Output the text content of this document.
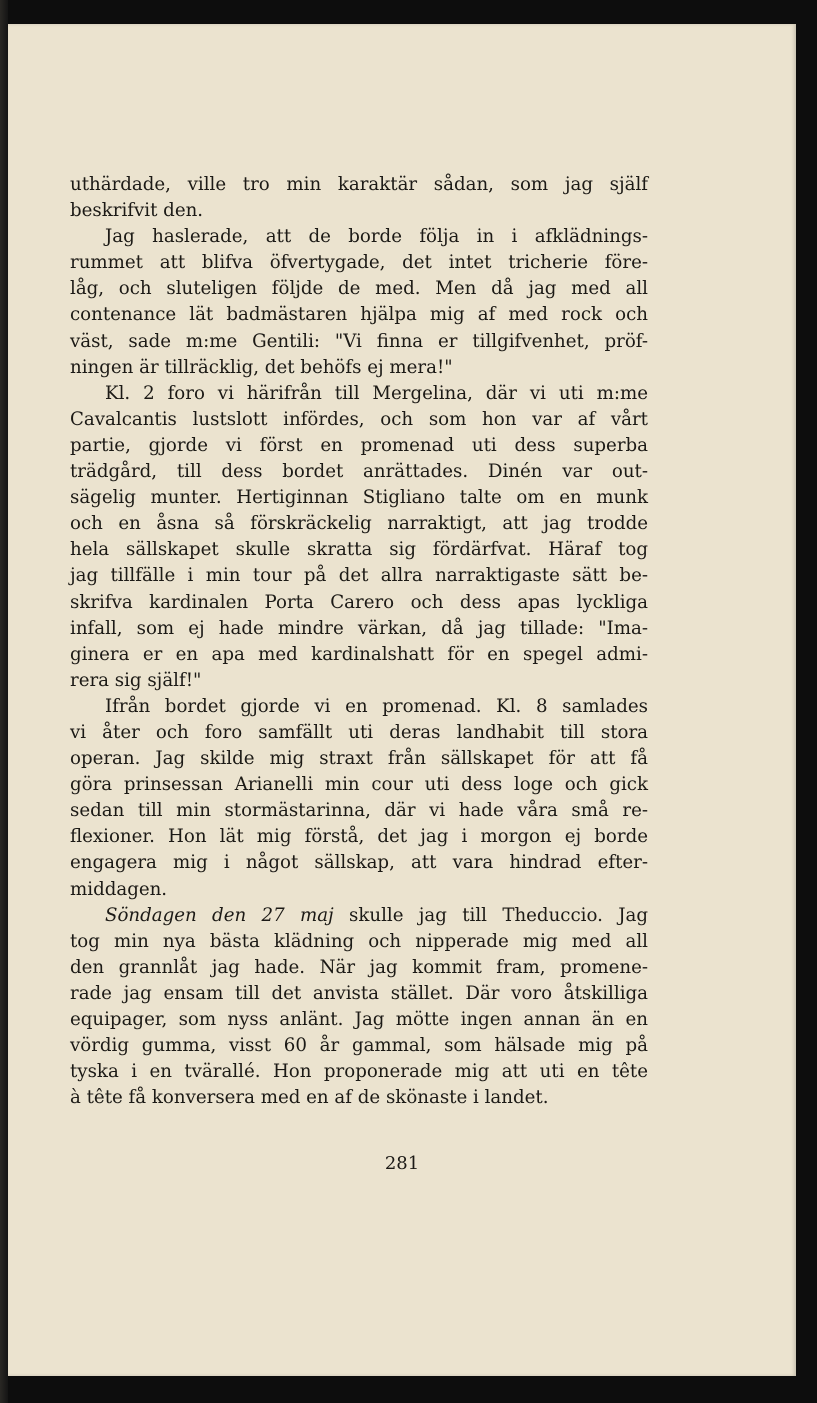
uthärdade, ville tro min karaktär sådan, som jag själf
beskrifvit den.
Jag haslerade, att de borde följa in i afklädnings-
rummet att blifva öfvertygade, det intet tricherie före-
låg, och sluteligen följde de med. Men då jag med all
contenance lät badmästaren hjälpa mig af med rock och
väst, sade m:me Gentili: "Vi finna er tillgifvenhet, pröf-
ningen är tillräcklig, det behöfs ej mera!"
Kl. 2 foro vi härifrån till Mergelina, där vi uti m:me
Cavalcantis lustslott infördes, och som hon var af vårt
partie, gjorde vi först en promenad uti dess superba
trädgård, till dess bordet anrättades. Dinén var out-
sägelig munter. Hertiginnan Stigliano talte om en munk
och en åsna så förskräckelig narraktigt, att jag trodde
hela sällskapet skulle skratta sig fördärfvat. Häraf tog
jag tillfälle i min tour på det allra narraktigaste sätt be-
skrifva kardinalen Porta Carero och dess apas lyckliga
infall, som ej hade mindre värkan, då jag tillade: "Ima-
ginera er en apa med kardinalshatt för en spegel admi-
rera sig själf!"
Ifrån bordet gjorde vi en promenad. Kl. 8 samlades
vi åter och foro samfällt uti deras landhabit till stora
operan. Jag skilde mig straxt från sällskapet för att få
göra prinsessan Arianelli min cour uti dess loge och gick
sedan till min stormästarinna, där vi hade våra små re-
flexioner. Hon lät mig förstå, det jag i morgon ej borde
engagera mig i något sällskap, att vara hindrad efter-
middagen.
Söndagen den 27 maj skulle jag till Theduccio. Jag
tog min nya bästa klädning och nipperade mig med all
den grannlåt jag hade. När jag kommit fram, promene-
rade jag ensam till det anvista stället. Där voro åtskilliga
equipager, som nyss anlänt. Jag mötte ingen annan än en
vördig gumma, visst 60 år gammal, som hälsade mig på
tyska i en tvärallé. Hon proponerade mig att uti en tête
à tête få konversera med en af de skönaste i landet.
281
